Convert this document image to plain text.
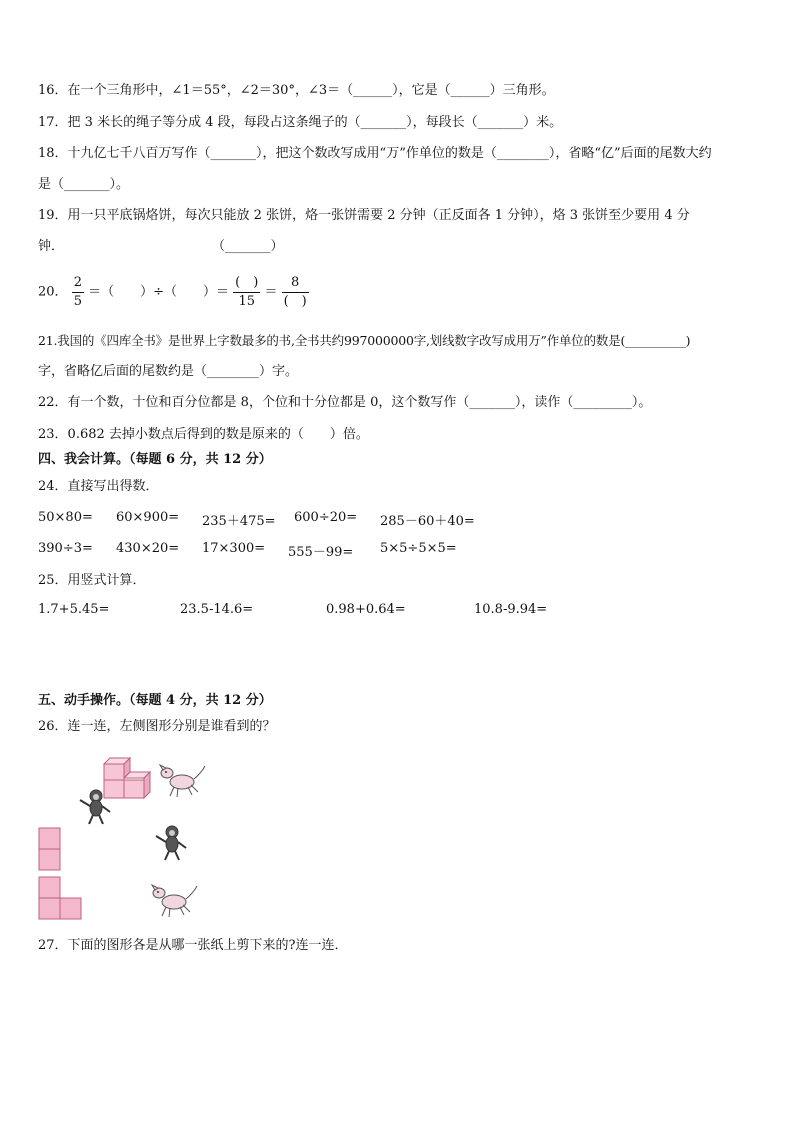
16．在一个三角形中，∠1＝55°，∠2＝30°，∠3＝（______），它是（______）三角形。
17．把 3 米长的绳子等分成 4 段，每段占这条绳子的（_______），每段长（_______）米。
18．十九亿七千八百万写作（_______），把这个数改写成用“万”作单位的数是（________），省略“亿”后面的尾数大约
是（_______）。
19．用一只平底锅烙饼，每次只能放 2 张饼，烙一张饼需要 2 分钟（正反面各 1 分钟），烙 3 张饼至少要用 4 分
钟．	（_______）
20． $\frac{2}{5}$ ＝（　　）÷（　　）＝ $\frac{( )}{15} = \frac{8}{( )}$
21.我国的《四库全书》是世界上字数最多的书,全书共约997000000字,划线数字改写成用万”作单位的数是(__________)
字，省略亿后面的尾数约是（________）字。
22．有一个数，十位和百分位都是 8，个位和十分位都是 0，这个数写作（_______），读作（_________）。
23．0.682 去掉小数点后得到的数是原来的（　　）倍。
四、我会计算。（每题 6 分，共 12 分）
24．直接写出得数．
50×80= 60×900= 235＋475= 600÷20= 285－60＋40=
390÷3= 430×20= 17×300= 555－99= 5×5÷5×5=
25．用竖式计算．
1.7+5.45=	23.5-14.6=	0.98+0.64=	10.8-9.94=
五、动手操作。（每题 4 分，共 12 分）
26．连一连，左侧图形分别是谁看到的？
27．下面的图形各是从哪一张纸上剪下来的?连一连．
